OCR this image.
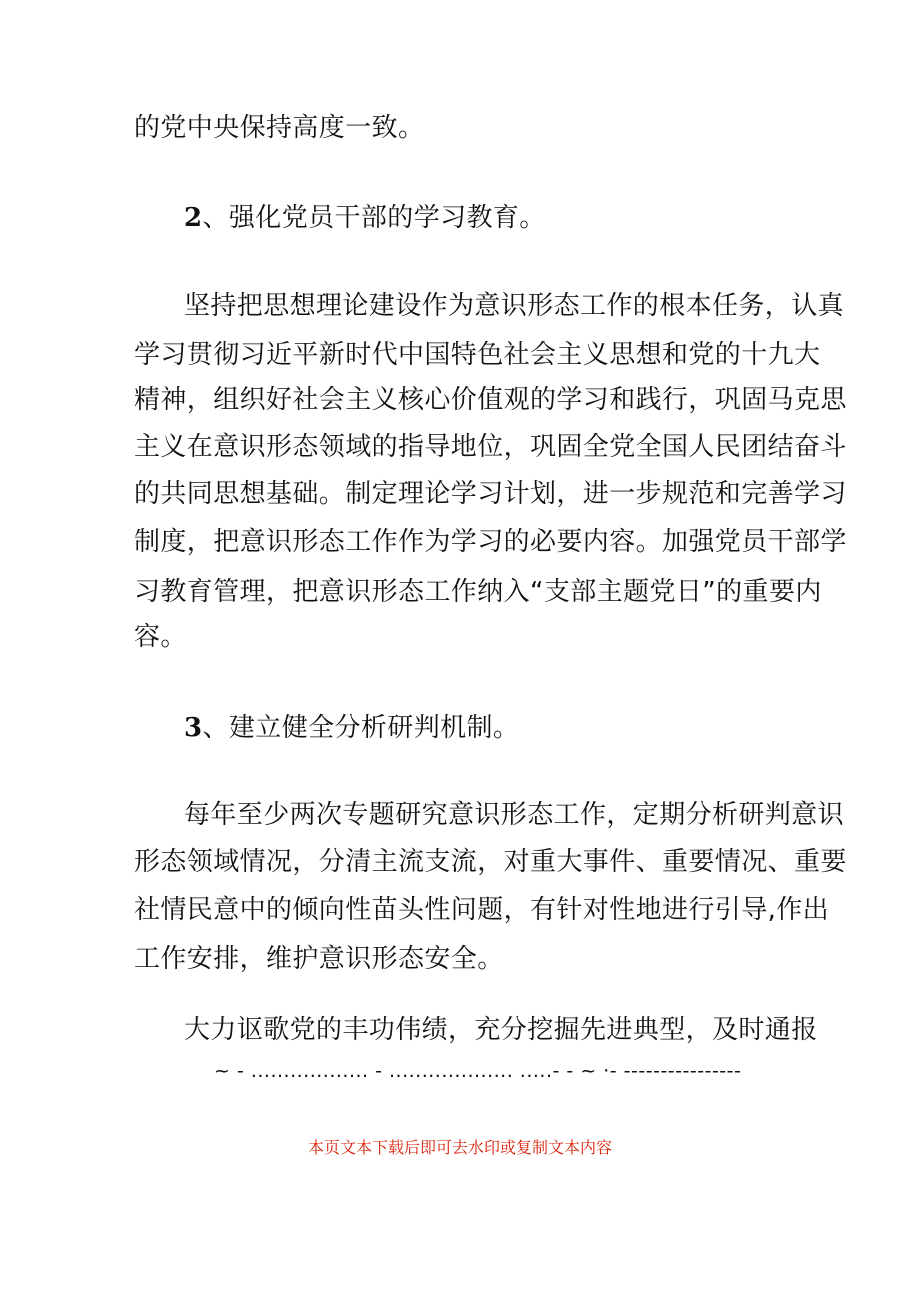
的党中央保持高度一致。
2、强化党员干部的学习教育。
坚持把思想理论建设作为意识形态工作的根本任务，认真
学习贯彻习近平新时代中国特色社会主义思想和党的十九大
精神，组织好社会主义核心价值观的学习和践行，巩固马克思
主义在意识形态领域的指导地位，巩固全党全国人民团结奋斗
的共同思想基础。制定理论学习计划，进一步规范和完善学习
制度，把意识形态工作作为学习的必要内容。加强党员干部学
习教育管理，把意识形态工作纳入“支部主题党日”的重要内
容。
3、建立健全分析研判机制。
每年至少两次专题研究意识形态工作，定期分析研判意识
形态领域情况，分清主流支流，对重大事件、重要情况、重要
社情民意中的倾向性苗头性问题，有针对性地进行引导,作出
工作安排，维护意识形态安全。
大力讴歌党的丰功伟绩，充分挖掘先进典型，及时通报
~ - .................. - ................... .....- - ~ ·- ----------------
本页文本下载后即可去水印或复制文本内容
